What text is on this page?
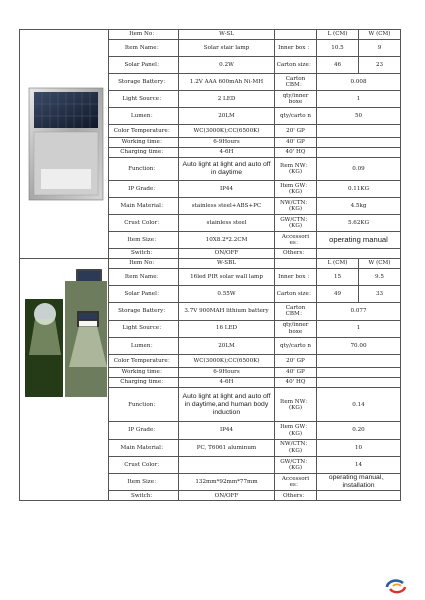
	Item No：	W-SL		L (CM)	W (CM)
	Item Name：	Solar stair lamp	Inner box ：	10.5	9
	Solar Panel：	0.2W	Carton size：	46	23
	Storage Battery：	1.2V AAA 600mAh Ni-MH	Carton CBM：	0.008	
	Light Source：	2 LED	qty/inner boxe	1	
	Lumen：	20LM	qty/carto n	50	
	Color Temperature：	WC(3000K);CC(6500K)	20' GP		
	Working time：	6-9Hours	40' GP		
	Charging time：	4-6H	40' HQ		
	Function：	Auto light at light and auto off in daytime	Item NW：(KG)	0.09	
	IP Grade：	IP44	Item GW：(KG)	0.11KG	
	Main Material：	stainless steel+ABS+PC	NW/CTN：(KG)	4.5kg	
	Crust Color：	stainless steel	GW/CTN：(KG)	5.62KG	
	Item Size：	10X8.2*2.2CM	Accessori es：	operating manual	
	Switch：	ON/OFF	Others：		
	Item No：	W-SBL		L (CM)	W (CM)
	Item Name：	16led PIR solar wall lamp	Inner box ：	15	9.5
	Solar Panel：	0.55W	Carton size：	49	33
	Storage Battery：	3.7V 900MAH lithium battery	Carton CBM：	0.077	
	Light Source：	16 LED	qty/inner boxe	1	
	Lumen：	20LM	qty/carto n	70.00	
	Color Temperature：	WC(3000K);CC(6500K)	20' GP		
	Working time：	6-9Hours	40' GP		
	Charging time：	4-6H	40' HQ		
	Function：	Auto light at light and auto off in daytime,and human body induction	Item NW：(KG)	0.14	
	IP Grade：	IP44	Item GW：(KG)	0.20	
	Main Material：	PC, T6061 aluminum	NW/CTN：(KG)	10	
	Crust Color：		GW/CTN：(KG)	14	
	Item Size：	132mm*92mm*77mm	Accessori es：	operating manual、installation	
	Switch：	ON/OFF	Others：		
